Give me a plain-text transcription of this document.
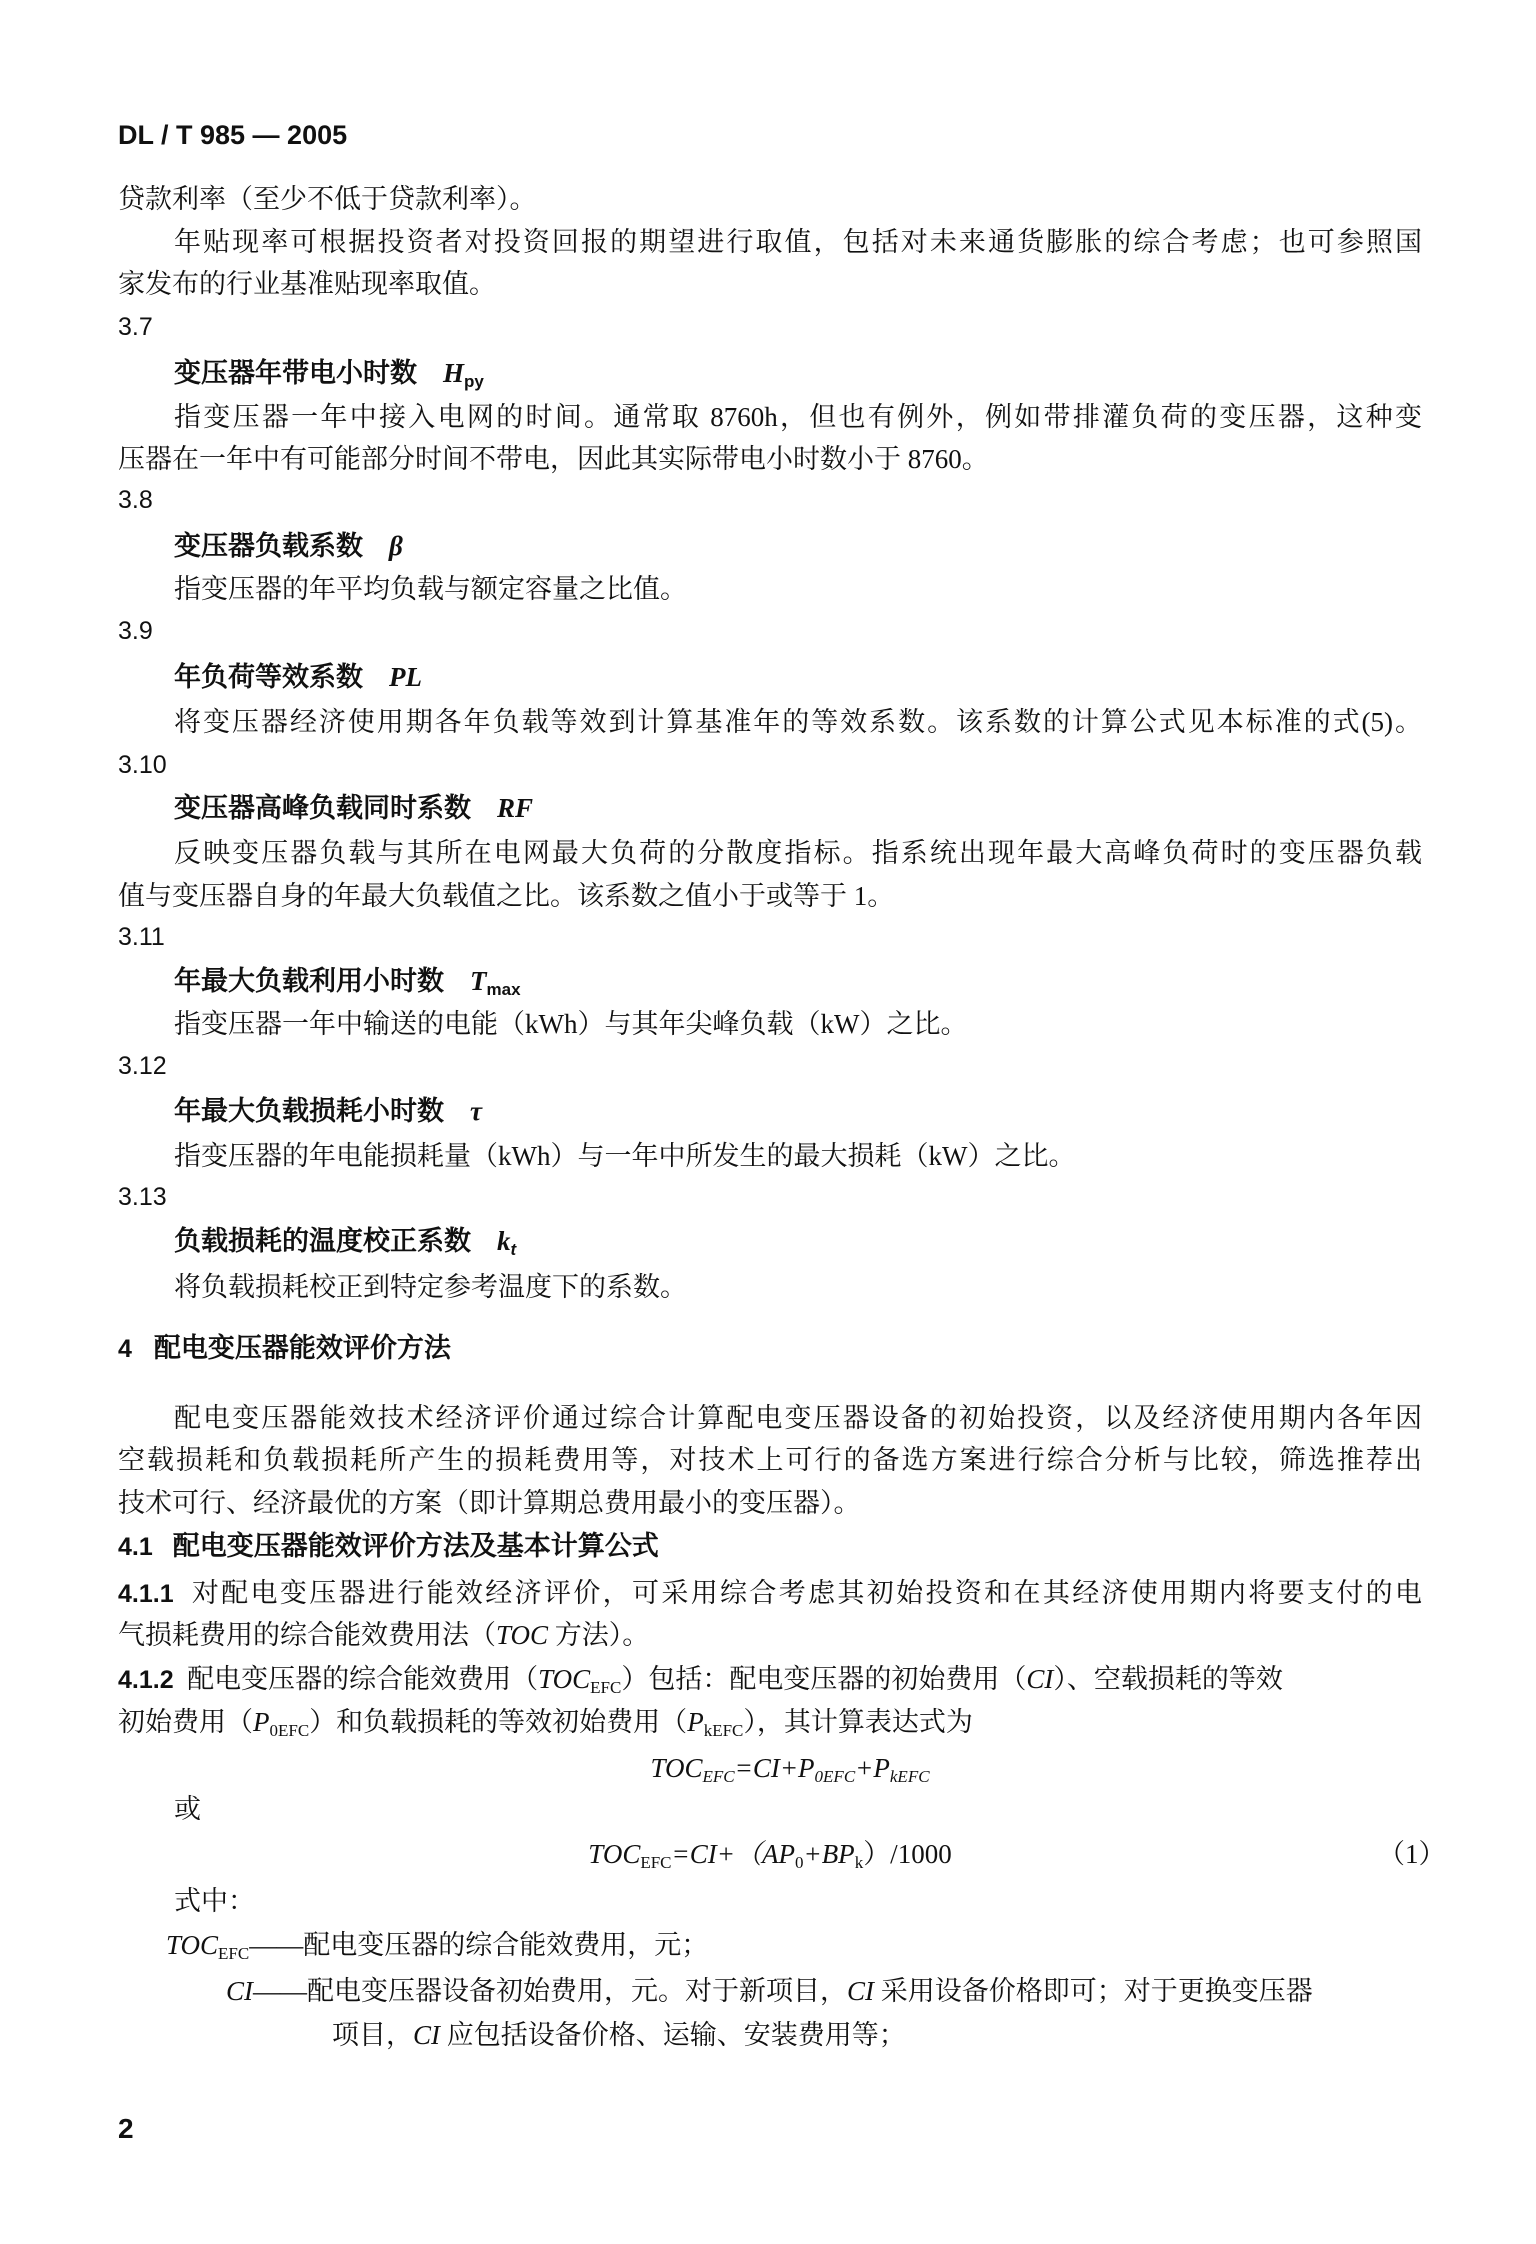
DL / T 985 — 2005
贷款利率（至少不低于贷款利率）。
年贴现率可根据投资者对投资回报的期望进行取值，包括对未来通货膨胀的综合考虑；也可参照国
家发布的行业基准贴现率取值。
3.7
变压器年带电小时数 $H_{py}$
指变压器一年中接入电网的时间。通常取 8760h，但也有例外，例如带排灌负荷的变压器，这种变
压器在一年中有可能部分时间不带电，因此其实际带电小时数小于 8760。
3.8
变压器负载系数 β
指变压器的年平均负载与额定容量之比值。
3.9
年负荷等效系数 PL
将变压器经济使用期各年负载等效到计算基准年的等效系数。该系数的计算公式见本标准的式(5)。
3.10
变压器高峰负载同时系数 RF
反映变压器负载与其所在电网最大负荷的分散度指标。指系统出现年最大高峰负荷时的变压器负载
值与变压器自身的年最大负载值之比。该系数之值小于或等于 1。
3.11
年最大负载利用小时数 $T_{max}$
指变压器一年中输送的电能（kWh）与其年尖峰负载（kW）之比。
3.12
年最大负载损耗小时数 τ
指变压器的年电能损耗量（kWh）与一年中所发生的最大损耗（kW）之比。
3.13
负载损耗的温度校正系数 $k_t$
将负载损耗校正到特定参考温度下的系数。
4 配电变压器能效评价方法
配电变压器能效技术经济评价通过综合计算配电变压器设备的初始投资，以及经济使用期内各年因
空载损耗和负载损耗所产生的损耗费用等，对技术上可行的备选方案进行综合分析与比较，筛选推荐出
技术可行、经济最优的方案（即计算期总费用最小的变压器）。
4.1 配电变压器能效评价方法及基本计算公式
4.1.1 对配电变压器进行能效经济评价，可采用综合考虑其初始投资和在其经济使用期内将要支付的电
气损耗费用的综合能效费用法（TOC 方法）。
4.1.2 配电变压器的综合能效费用$(TOC_{EFC})$包括：配电变压器的初始费用（CI）、空载损耗的等效
初始费用$(P_{0EFC})$和负载损耗的等效初始费用$(P_{kEFC})$，其计算表达式为
$TOC_{EFC}=CI+P_{0EFC}+P_{kEFC}$
或
$TOC_{EFC}=CI+(AP_0+BP_k)/1000$	（1）
式中：
$TOC_{EFC}——$配电变压器的综合能效费用，元；
CI——配电变压器设备初始费用，元。对于新项目，CI 采用设备价格即可；对于更换变压器
项目，CI 应包括设备价格、运输、安装费用等；
2
